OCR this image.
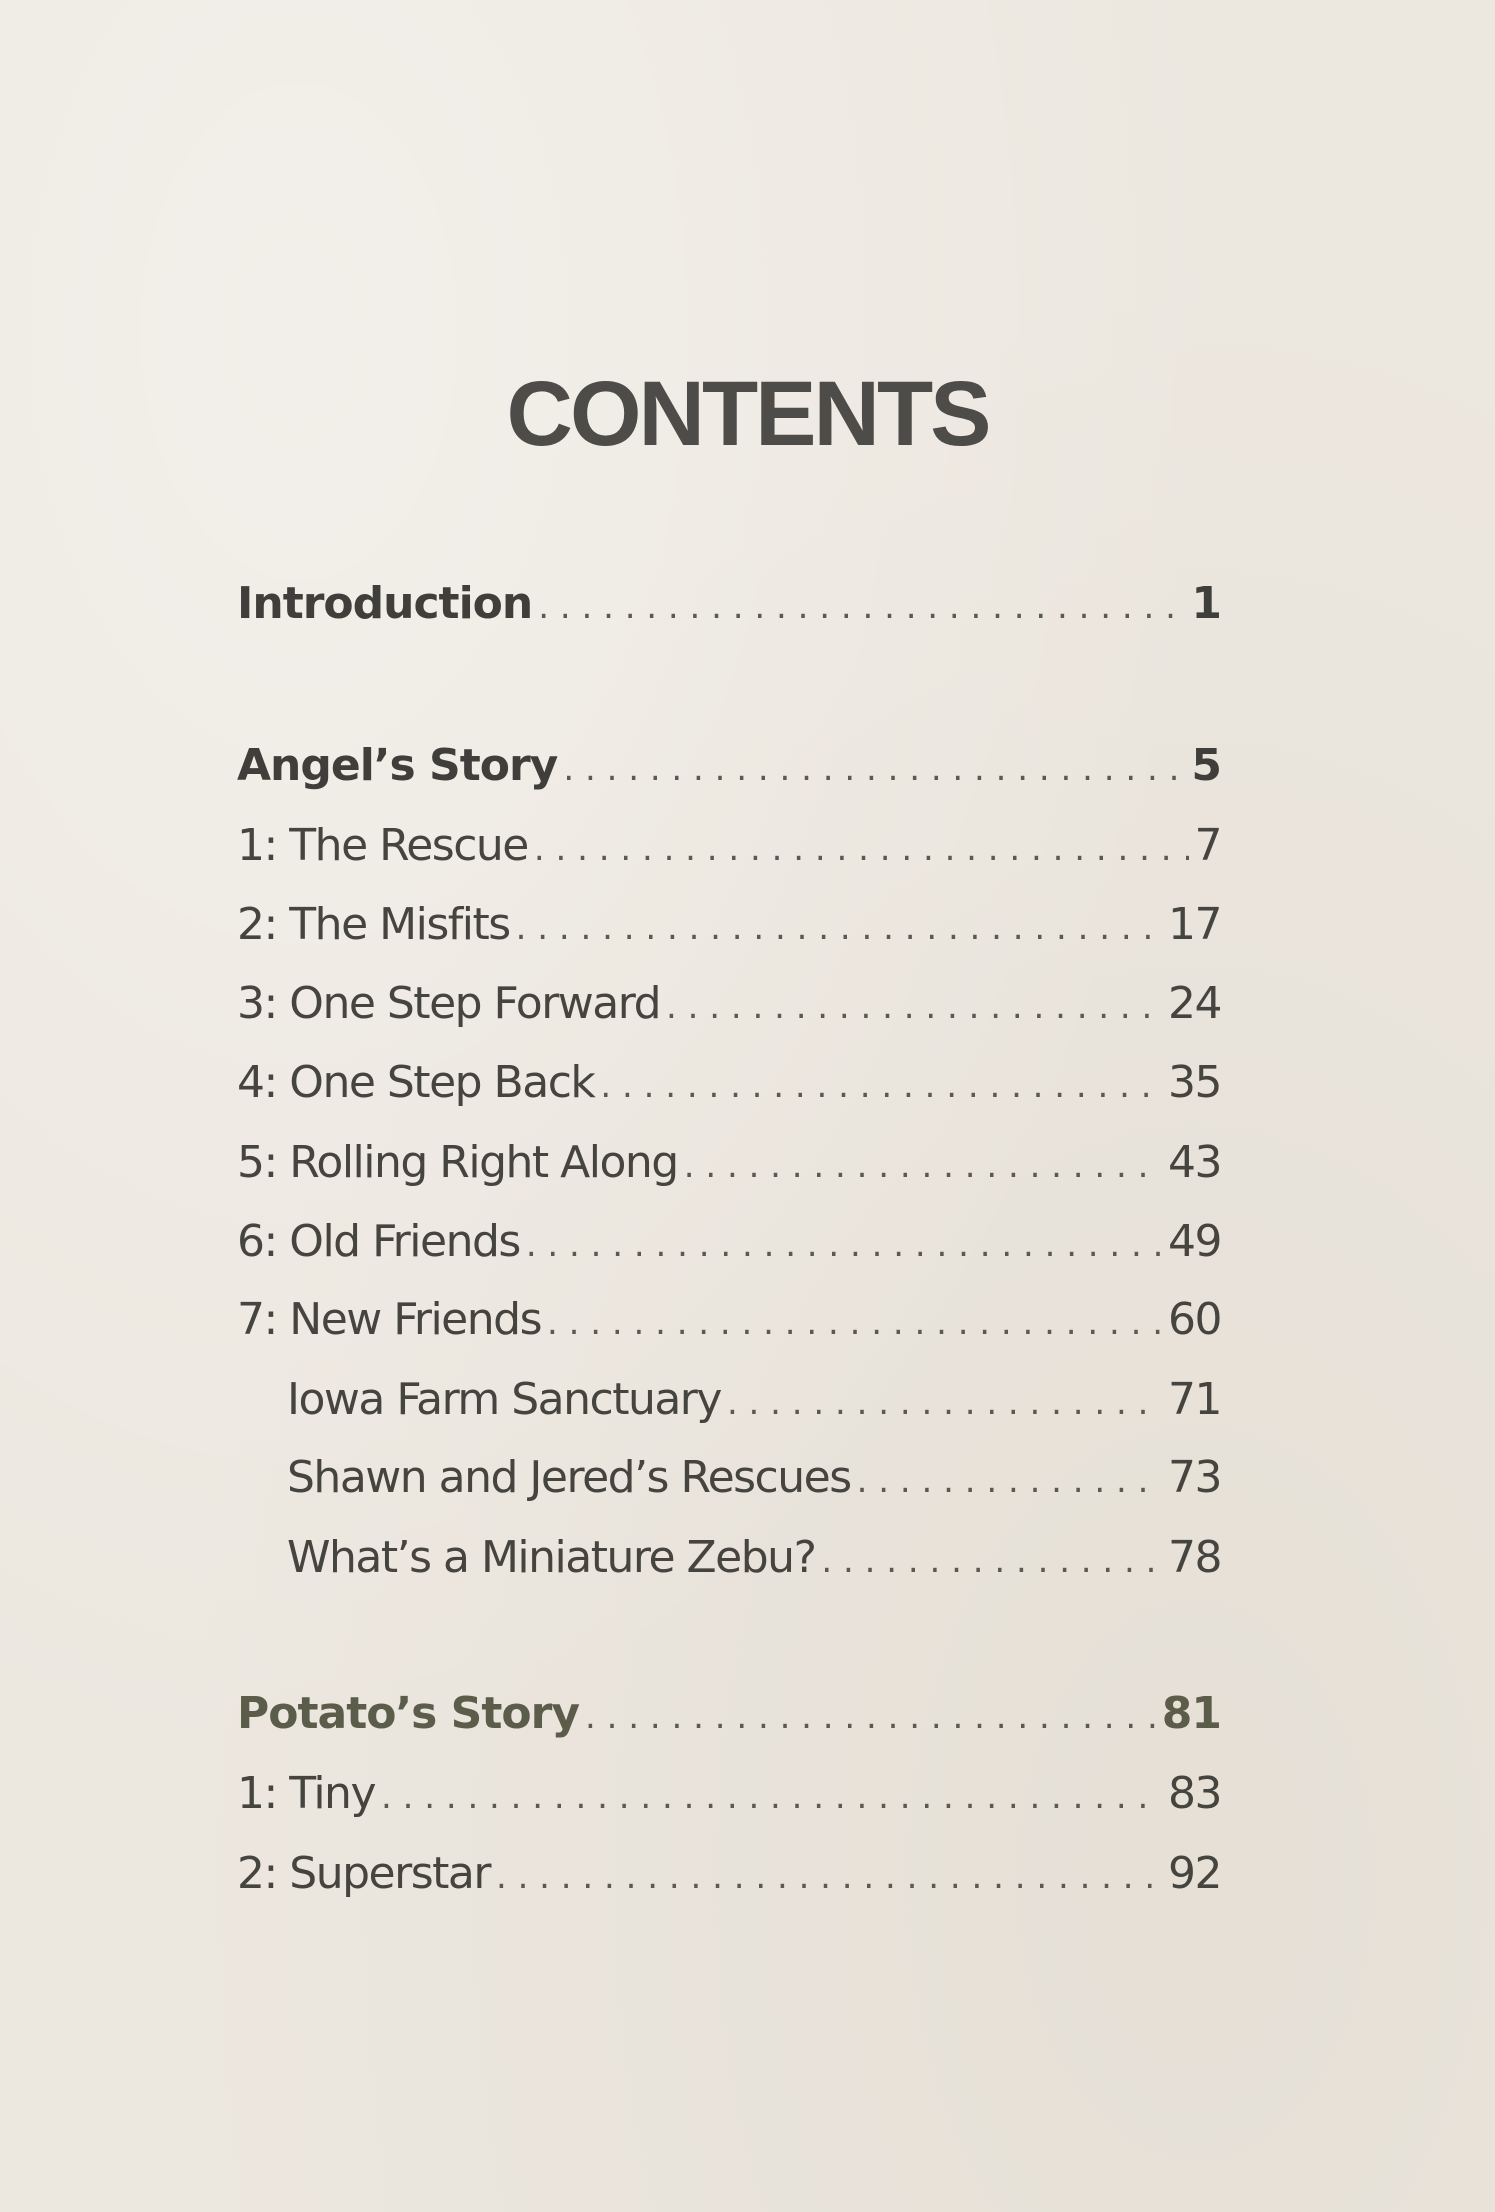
CONTENTS
Introduction . . .	1
Angel’s Story . . .	5
1: The Rescue . . .	7
2: The Misfits . . .	17
3: One Step Forward . . .	24
4: One Step Back . . .	35
5: Rolling Right Along . . .	43
6: Old Friends . . .	49
7: New Friends . . .	60
Iowa Farm Sanctuary . . .	71
Shawn and Jered’s Rescues . . .	73
What’s a Miniature Zebu? . . .	78
Potato’s Story . . .	81
1: Tiny . . .	83
2: Superstar . . .	92
